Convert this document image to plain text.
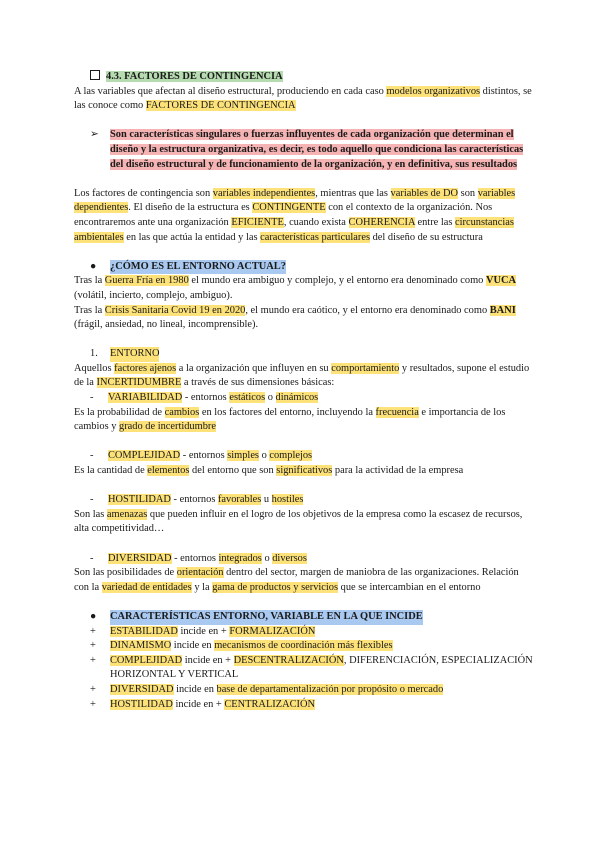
4.3. FACTORES DE CONTINGENCIA

A las variables que afectan al diseño estructural, produciendo en cada caso modelos organizativos distintos, se las conoce como FACTORES DE CONTINGENCIA

➢	Son características singulares o fuerzas influyentes de cada organización que determinan el diseño y la estructura organizativa, es decir, es todo aquello que condiciona las características del diseño estructural y de funcionamiento de la organización, y en definitiva, sus resultados

Los factores de contingencia son variables independientes, mientras que las variables de DO son variables dependientes. El diseño de la estructura es CONTINGENTE con el contexto de la organización. Nos encontraremos ante una organización EFICIENTE, cuando exista COHERENCIA entre las circunstancias ambientales en las que actúa la entidad y las características particulares del diseño de su estructura

●	¿CÓMO ES EL ENTORNO ACTUAL?

Tras la Guerra Fría en 1980 el mundo era ambiguo y complejo, y el entorno era denominado como VUCA (volátil, incierto, complejo, ambiguo).

Tras la Crisis Sanitaria Covid 19 en 2020, el mundo era caótico, y el entorno era denominado como BANI (frágil, ansiedad, no lineal, incomprensible).

1.	ENTORNO

Aquellos factores ajenos a la organización que influyen en su comportamiento y resultados, supone el estudio de la INCERTIDUMBRE a través de sus dimensiones básicas:

-	VARIABILIDAD - entornos estáticos o dinámicos

Es la probabilidad de cambios en los factores del entorno, incluyendo la frecuencia e importancia de los cambios y grado de incertidumbre

-	COMPLEJIDAD - entornos simples o complejos

Es la cantidad de elementos del entorno que son significativos para la actividad de la empresa

-	HOSTILIDAD - entornos favorables u hostiles

Son las amenazas que pueden influir en el logro de los objetivos de la empresa como la escasez de recursos, alta competitividad…

-	DIVERSIDAD - entornos integrados o diversos

Son las posibilidades de orientación dentro del sector, margen de maniobra de las organizaciones. Relación con la variedad de entidades y la gama de productos y servicios que se intercambian en el entorno

●	CARACTERÍSTICAS ENTORNO, VARIABLE EN LA QUE INCIDE
+	ESTABILIDAD incide en + FORMALIZACIÓN
+	DINAMISMO incide en mecanismos de coordinación más flexibles
+	COMPLEJIDAD incide en + DESCENTRALIZACIÓN, DIFERENCIACIÓN, ESPECIALIZACIÓN HORIZONTAL Y VERTICAL
+	DIVERSIDAD incide en base de departamentalización por propósito o mercado
+	HOSTILIDAD incide en + CENTRALIZACIÓN
